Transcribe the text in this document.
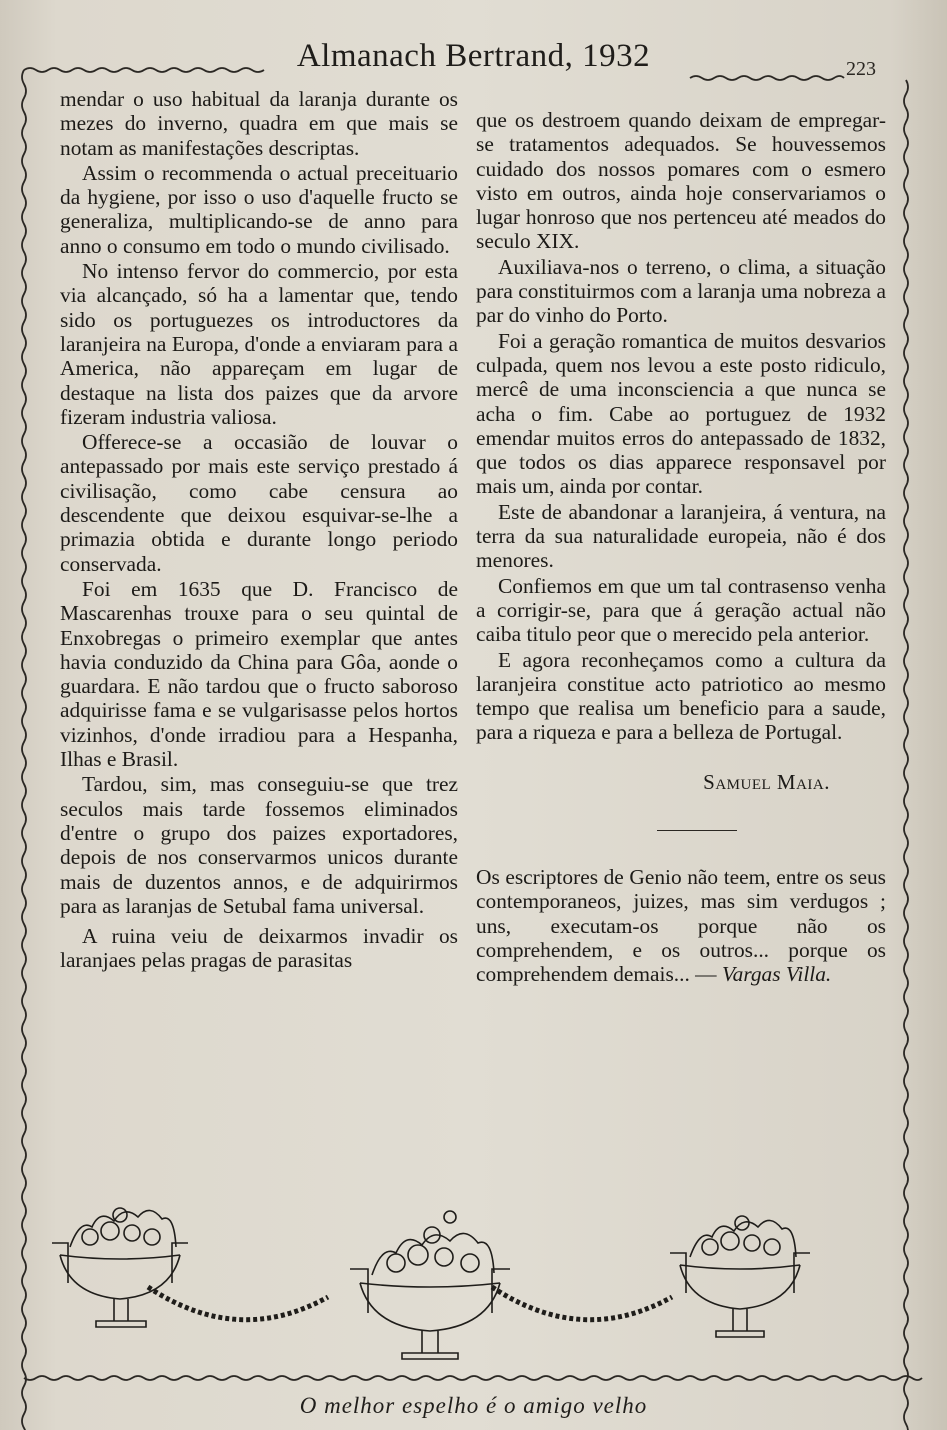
Almanach Bertrand, 1932	223

mendar o uso habitual da laranja durante os mezes do inverno, quadra em que mais se notam as manifestações descriptas.

Assim o recommenda o actual preceituario da hygiene, por isso o uso d'aquelle fructo se generaliza, multiplicando-se de anno para anno o consumo em todo o mundo civilisado.

No intenso fervor do commercio, por esta via alcançado, só ha a lamentar que, tendo sido os portuguezes os introductores da laranjeira na Europa, d'onde a enviaram para a America, não appareçam em lugar de destaque na lista dos paizes que da arvore fizeram industria valiosa.

Offerece-se a occasião de louvar o antepassado por mais este serviço prestado á civilisação, como cabe censura ao descendente que deixou esquivar-se-lhe a primazia obtida e durante longo periodo conservada.

Foi em 1635 que D. Francisco de Mascarenhas trouxe para o seu quintal de Enxobregas o primeiro exemplar que antes havia conduzido da China para Gôa, aonde o guardara. E não tardou que o fructo saboroso adquirisse fama e se vulgarisasse pelos hortos vizinhos, d'onde irradiou para a Hespanha, Ilhas e Brasil.

Tardou, sim, mas conseguiu-se que trez seculos mais tarde fossemos eliminados d'entre o grupo dos paizes exportadores, depois de nos conservarmos unicos durante mais de duzentos annos, e de adquirirmos para as laranjas de Setubal fama universal.

A ruina veiu de deixarmos invadir os laranjaes pelas pragas de parasitas

que os destroem quando deixam de empregar-se tratamentos adequados. Se houvessemos cuidado dos nossos pomares com o esmero visto em outros, ainda hoje conservariamos o lugar honroso que nos pertenceu até meados do seculo XIX.

Auxiliava-nos o terreno, o clima, a situação para constituirmos com a laranja uma nobreza a par do vinho do Porto.

Foi a geração romantica de muitos desvarios culpada, quem nos levou a este posto ridiculo, mercê de uma inconsciencia a que nunca se acha o fim. Cabe ao portuguez de 1932 emendar muitos erros do antepassado de 1832, que todos os dias apparece responsavel por mais um, ainda por contar.

Este de abandonar a laranjeira, á ventura, na terra da sua naturalidade europeia, não é dos menores.

Confiemos em que um tal contrasenso venha a corrigir-se, para que á geração actual não caiba titulo peor que o merecido pela anterior.

E agora reconheçamos como a cultura da laranjeira constitue acto patriotico ao mesmo tempo que realisa um beneficio para a saude, para a riqueza e para a belleza de Portugal.

Samuel Maia.

Os escriptores de Genio não teem, entre os seus contemporaneos, juizes, mas sim verdugos ; uns, executam-os porque não os comprehendem, e os outros... porque os comprehendem demais... — Vargas Villa.

O melhor espelho é o amigo velho
